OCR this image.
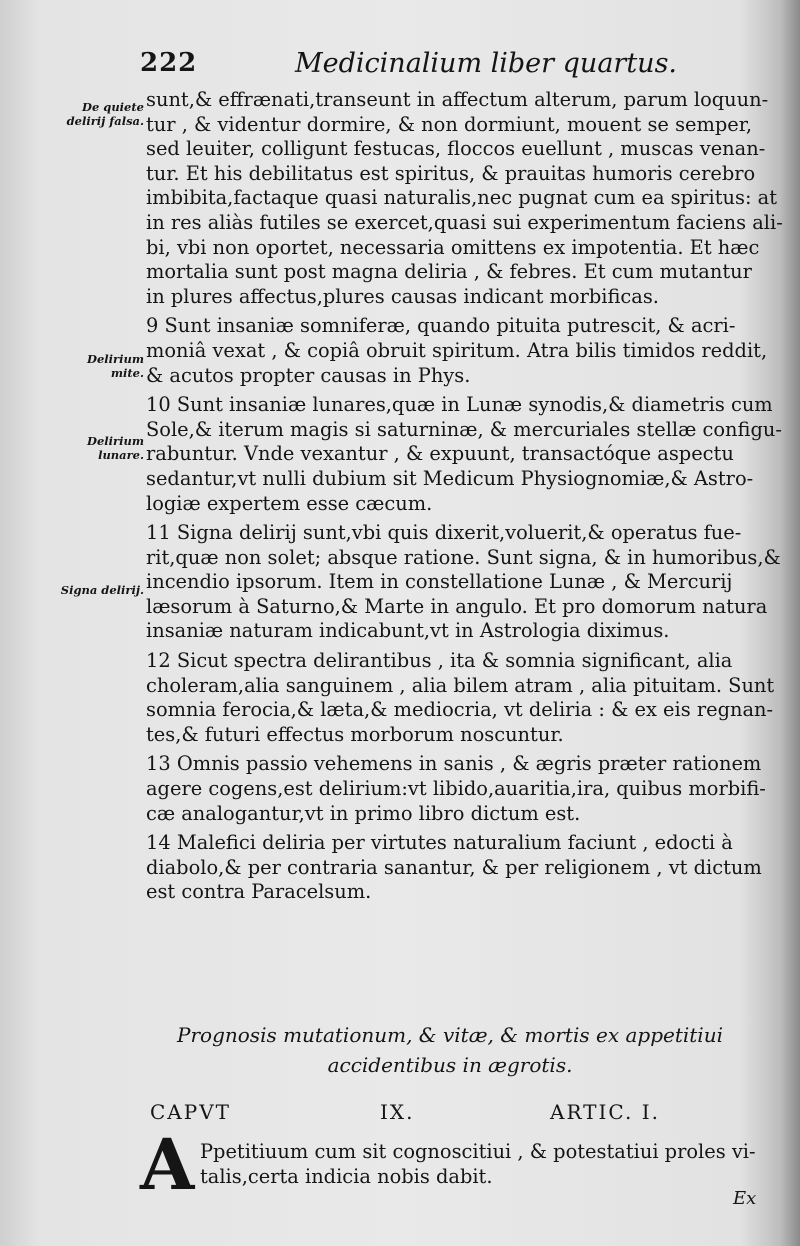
222	Medicinalium liber quartus.
De quiete delirij falsa.
Delirium mite.
Delirium lunare.
Signa delirij.
sunt,& effrænati,transeunt in affectum alterum, parum loquun-
tur , & videntur dormire, & non dormiunt, mouent se semper,
sed leuiter, colligunt festucas, floccos euellunt , muscas venan-
tur. Et his debilitatus est spiritus, & prauitas humoris cerebro
imbibita,factaque quasi naturalis,nec pugnat cum ea spiritus: at
in res aliàs futiles se exercet,quasi sui experimentum faciens ali-
bi, vbi non oportet, necessaria omittens ex impotentia. Et hæc
mortalia sunt post magna deliria , & febres. Et cum mutantur
in plures affectus,plures causas indicant morbificas.
9 Sunt insaniæ somniferæ, quando pituita putrescit, & acri-
moniâ vexat , & copiâ obruit spiritum. Atra bilis timidos reddit,
& acutos propter causas in Phys.
10 Sunt insaniæ lunares,quæ in Lunæ synodis,& diametris cum
Sole,& iterum magis si saturninæ, & mercuriales stellæ configu-
rabuntur. Vnde vexantur , & expuunt, transactóque aspectu
sedantur,vt nulli dubium sit Medicum Physiognomiæ,& Astro-
logiæ expertem esse cæcum.
11 Signa delirij sunt,vbi quis dixerit,voluerit,& operatus fue-
rit,quæ non solet; absque ratione. Sunt signa, & in humoribus,&
incendio ipsorum. Item in constellatione Lunæ , & Mercurij
læsorum à Saturno,& Marte in angulo. Et pro domorum natura
insaniæ naturam indicabunt,vt in Astrologia diximus.
12 Sicut spectra delirantibus , ita & somnia significant, alia
choleram,alia sanguinem , alia bilem atram , alia pituitam. Sunt
somnia ferocia,& læta,& mediocria, vt deliria : & ex eis regnan-
tes,& futuri effectus morborum noscuntur.
13 Omnis passio vehemens in sanis , & ægris præter rationem
agere cogens,est delirium:vt libido,auaritia,ira, quibus morbifi-
cæ analogantur,vt in primo libro dictum est.
14 Malefici deliria per virtutes naturalium faciunt , edocti à
diabolo,& per contraria sanantur, & per religionem , vt dictum
est contra Paracelsum.
Prognosis mutationum, & vitæ, & mortis ex appetitiui
accidentibus in ægrotis.
CAPVT	IX.	ARTIC. I.
A Ppetitiuum cum sit cognoscitiui , & potestatiui proles vi-
talis,certa indicia nobis dabit.
Ex
